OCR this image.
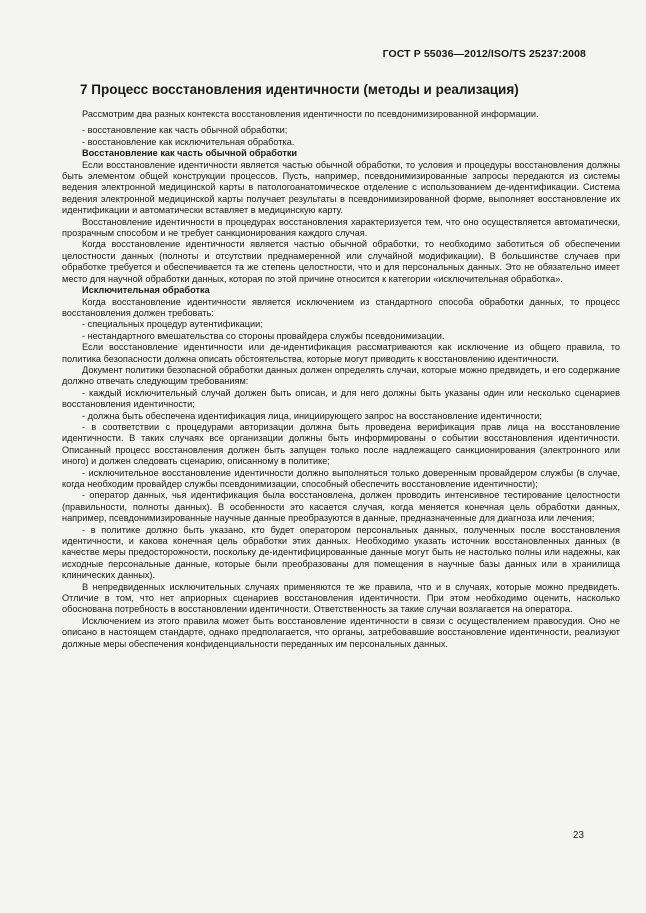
ГОСТ Р 55036—2012/ISO/TS 25237:2008
7 Процесс восстановления идентичности (методы и реализация)

Рассмотрим два разных контекста восстановления идентичности по псевдонимизированной информации.

- восстановление как часть обычной обработки;

- восстановление как исключительная обработка.

Восстановление как часть обычной обработки

Если восстановление идентичности является частью обычной обработки, то условия и процедуры восстановления должны быть элементом общей конструкции процессов. Пусть, например, псевдонимизированные запросы передаются из системы ведения электронной медицинской карты в патологоанатомическое отделение с использованием де-идентификации. Система ведения электронной медицинской карты получает результаты в псевдонимизированной форме, выполняет восстановление их идентификации и автоматически вставляет в медицинскую карту.

Восстановление идентичности в процедурах восстановления характеризуется тем, что оно осуществляется автоматически, прозрачным способом и не требует санкционирования каждого случая.

Когда восстановление идентичности является частью обычной обработки, то необходимо заботиться об обеспечении целостности данных (полноты и отсутствии преднамеренной или случайной модификации). В большинстве случаев при обработке требуется и обеспечивается та же степень целостности, что и для персональных данных. Это не обязательно имеет место для научной обработки данных, которая по этой причине относится к категории «исключительная обработка».

Исключительная обработка

Когда восстановление идентичности является исключением из стандартного способа обработки данных, то процесс восстановления должен требовать:

- специальных процедур аутентификации;

- нестандартного вмешательства со стороны провайдера службы псевдонимизации.

Если восстановление идентичности или де-идентификация рассматриваются как исключение из общего правила, то политика безопасности должна описать обстоятельства, которые могут приводить к восстановлению идентичности.

Документ политики безопасной обработки данных должен определять случаи, которые можно предвидеть, и его содержание должно отвечать следующим требованиям:

- каждый исключительный случай должен быть описан, и для него должны быть указаны один или несколько сценариев восстановления идентичности;

- должна быть обеспечена идентификация лица, инициирующего запрос на восстановление идентичности;

- в соответствии с процедурами авторизации должна быть проведена верификация прав лица на восстановление идентичности. В таких случаях все организации должны быть информированы о событии восстановления идентичности. Описанный процесс восстановления должен быть запущен только после надлежащего санкционирования (электронного или иного) и должен следовать сценарию, описанному в политике;

- исключительное восстановление идентичности должно выполняться только доверенным провайдером службы (в случае, когда необходим провайдер службы псевдонимизации, способный обеспечить восстановление идентичности);

- оператор данных, чья идентификация была восстановлена, должен проводить интенсивное тестирование целостности (правильности, полноты данных). В особенности это касается случая, когда меняется конечная цель обработки данных, например, псевдонимизированные научные данные преобразуются в данные, предназначенные для диагноза или лечения;

- в политике должно быть указано, кто будет оператором персональных данных, полученных после восстановления идентичности, и какова конечная цель обработки этих данных. Необходимо указать источник восстановленных данных (в качестве меры предосторожности, поскольку де-идентифицированные данные могут быть не настолько полны или надежны, как исходные персональные данные, которые были преобразованы для помещения в научные базы данных или в хранилища клинических данных).

В непредвиденных исключительных случаях применяются те же правила, что и в случаях, которые можно предвидеть. Отличие в том, что нет априорных сценариев восстановления идентичности. При этом необходимо оценить, насколько обоснована потребность в восстановлении идентичности. Ответственность за такие случаи возлагается на оператора.

Исключением из этого правила может быть восстановление идентичности в связи с осуществлением правосудия. Оно не описано в настоящем стандарте, однако предполагается, что органы, затребовавшие восстановление идентичности, реализуют должные меры обеспечения конфиденциальности переданных им персональных данных.

23
